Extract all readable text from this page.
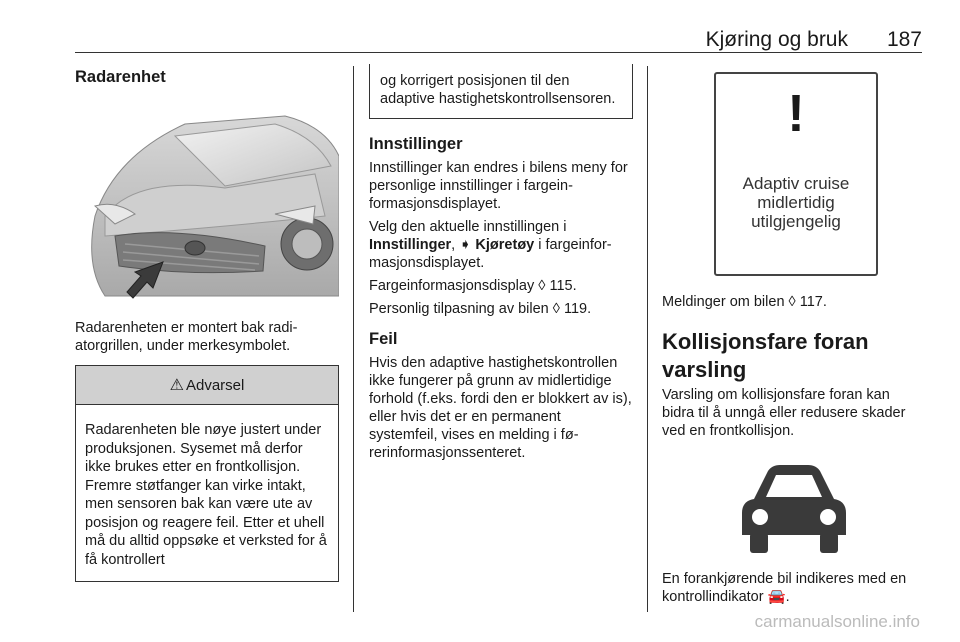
Kjøring og bruk 187
Radarenhet

Radarenheten er montert bak radiatorgrillen, under merkesymbolet.

⚠ Advarsel

Radarenheten ble nøye justert under produksjonen. Sysemet må derfor ikke brukes etter en frontkollisjon. Fremre støtfanger kan virke intakt, men sensoren bak kan være ute av posisjon og reagere feil. Etter et uhell må du alltid oppsøke et verksted for å få kontrollert

og korrigert posisjonen til den adaptive hastighetskontrollsensoren.

Innstillinger

Innstillinger kan endres i bilens meny for personlige innstillinger i fargeinformasjonsdisplayet.

Velg den aktuelle innstillingen i Innstillinger, ➧ Kjøretøy i fargeinformasjonsdisplayet.

Fargeinformasjonsdisplay ◊ 115.

Personlig tilpasning av bilen ◊ 119.

Feil

Hvis den adaptive hastighetskontrollen ikke fungerer på grunn av midlertidige forhold (f.eks. fordi den er blokkert av is), eller hvis det er en permanent systemfeil, vises en melding i førerinformasjonssenteret.

!
Adaptiv cruise
midlertidig
utilgjengelig

Meldinger om bilen ◊ 117.

Kollisjonsfare foran varsling

Varsling om kollisjonsfare foran kan bidra til å unngå eller redusere skader ved en frontkollisjon.

En forankjørende bil indikeres med en kontrollindikator 🚘.

carmanualsonline.info
